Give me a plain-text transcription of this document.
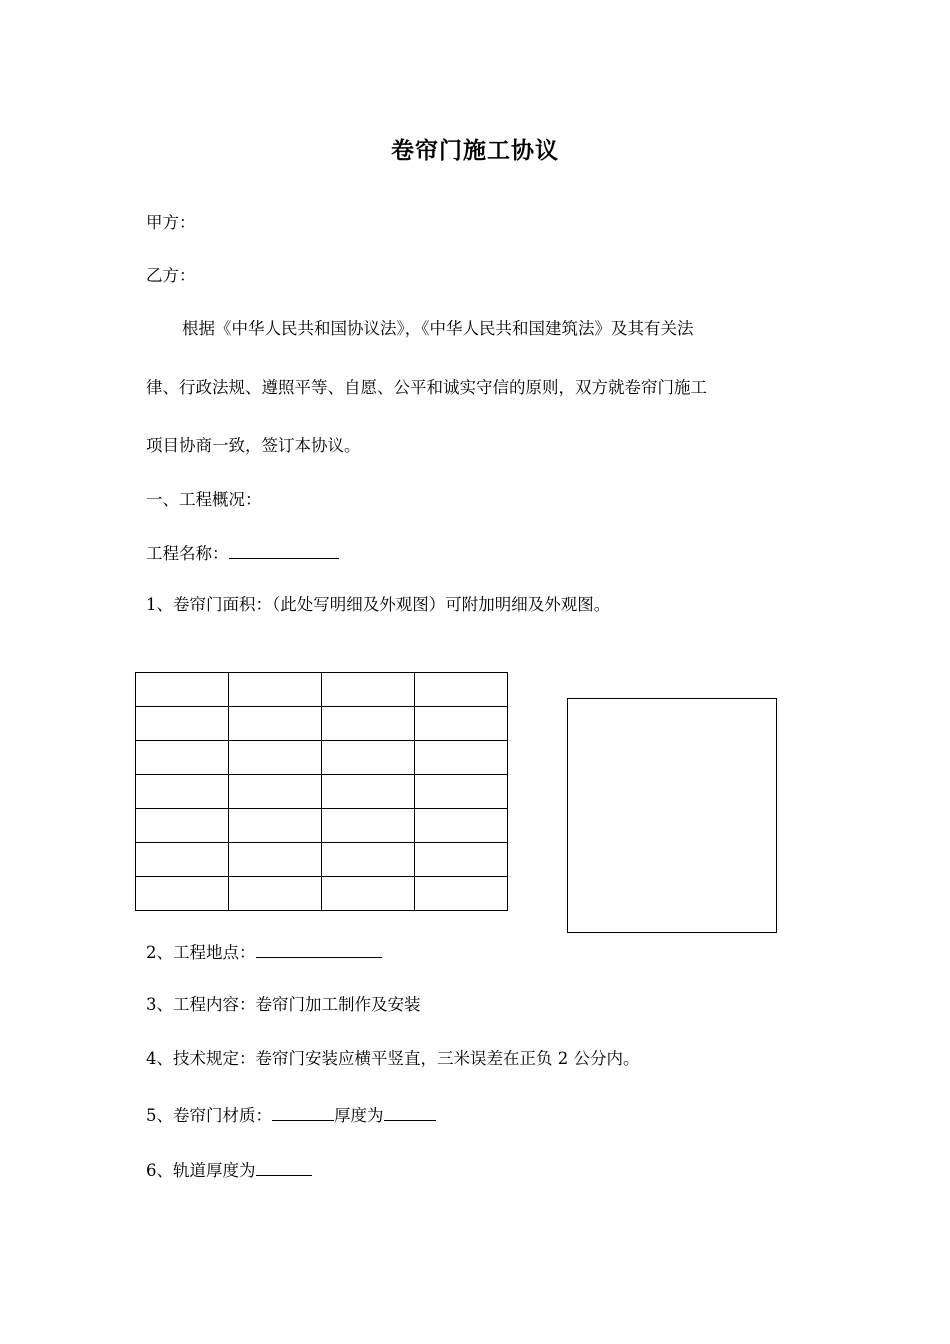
卷帘门施工协议
甲方：
乙方：
根据《中华人民共和国协议法》，《中华人民共和国建筑法》及其有关法
律、行政法规、遵照平等、自愿、公平和诚实守信的原则，双方就卷帘门施工
项目协商一致，签订本协议。
一、工程概况：
工程名称：
1、卷帘门面积：（此处写明细及外观图）可附加明细及外观图。

2、工程地点：
3、工程内容：卷帘门加工制作及安装
4、技术规定：卷帘门安装应横平竖直，三米误差在正负 2 公分内。
5、卷帘门材质：	厚度为
6、轨道厚度为
